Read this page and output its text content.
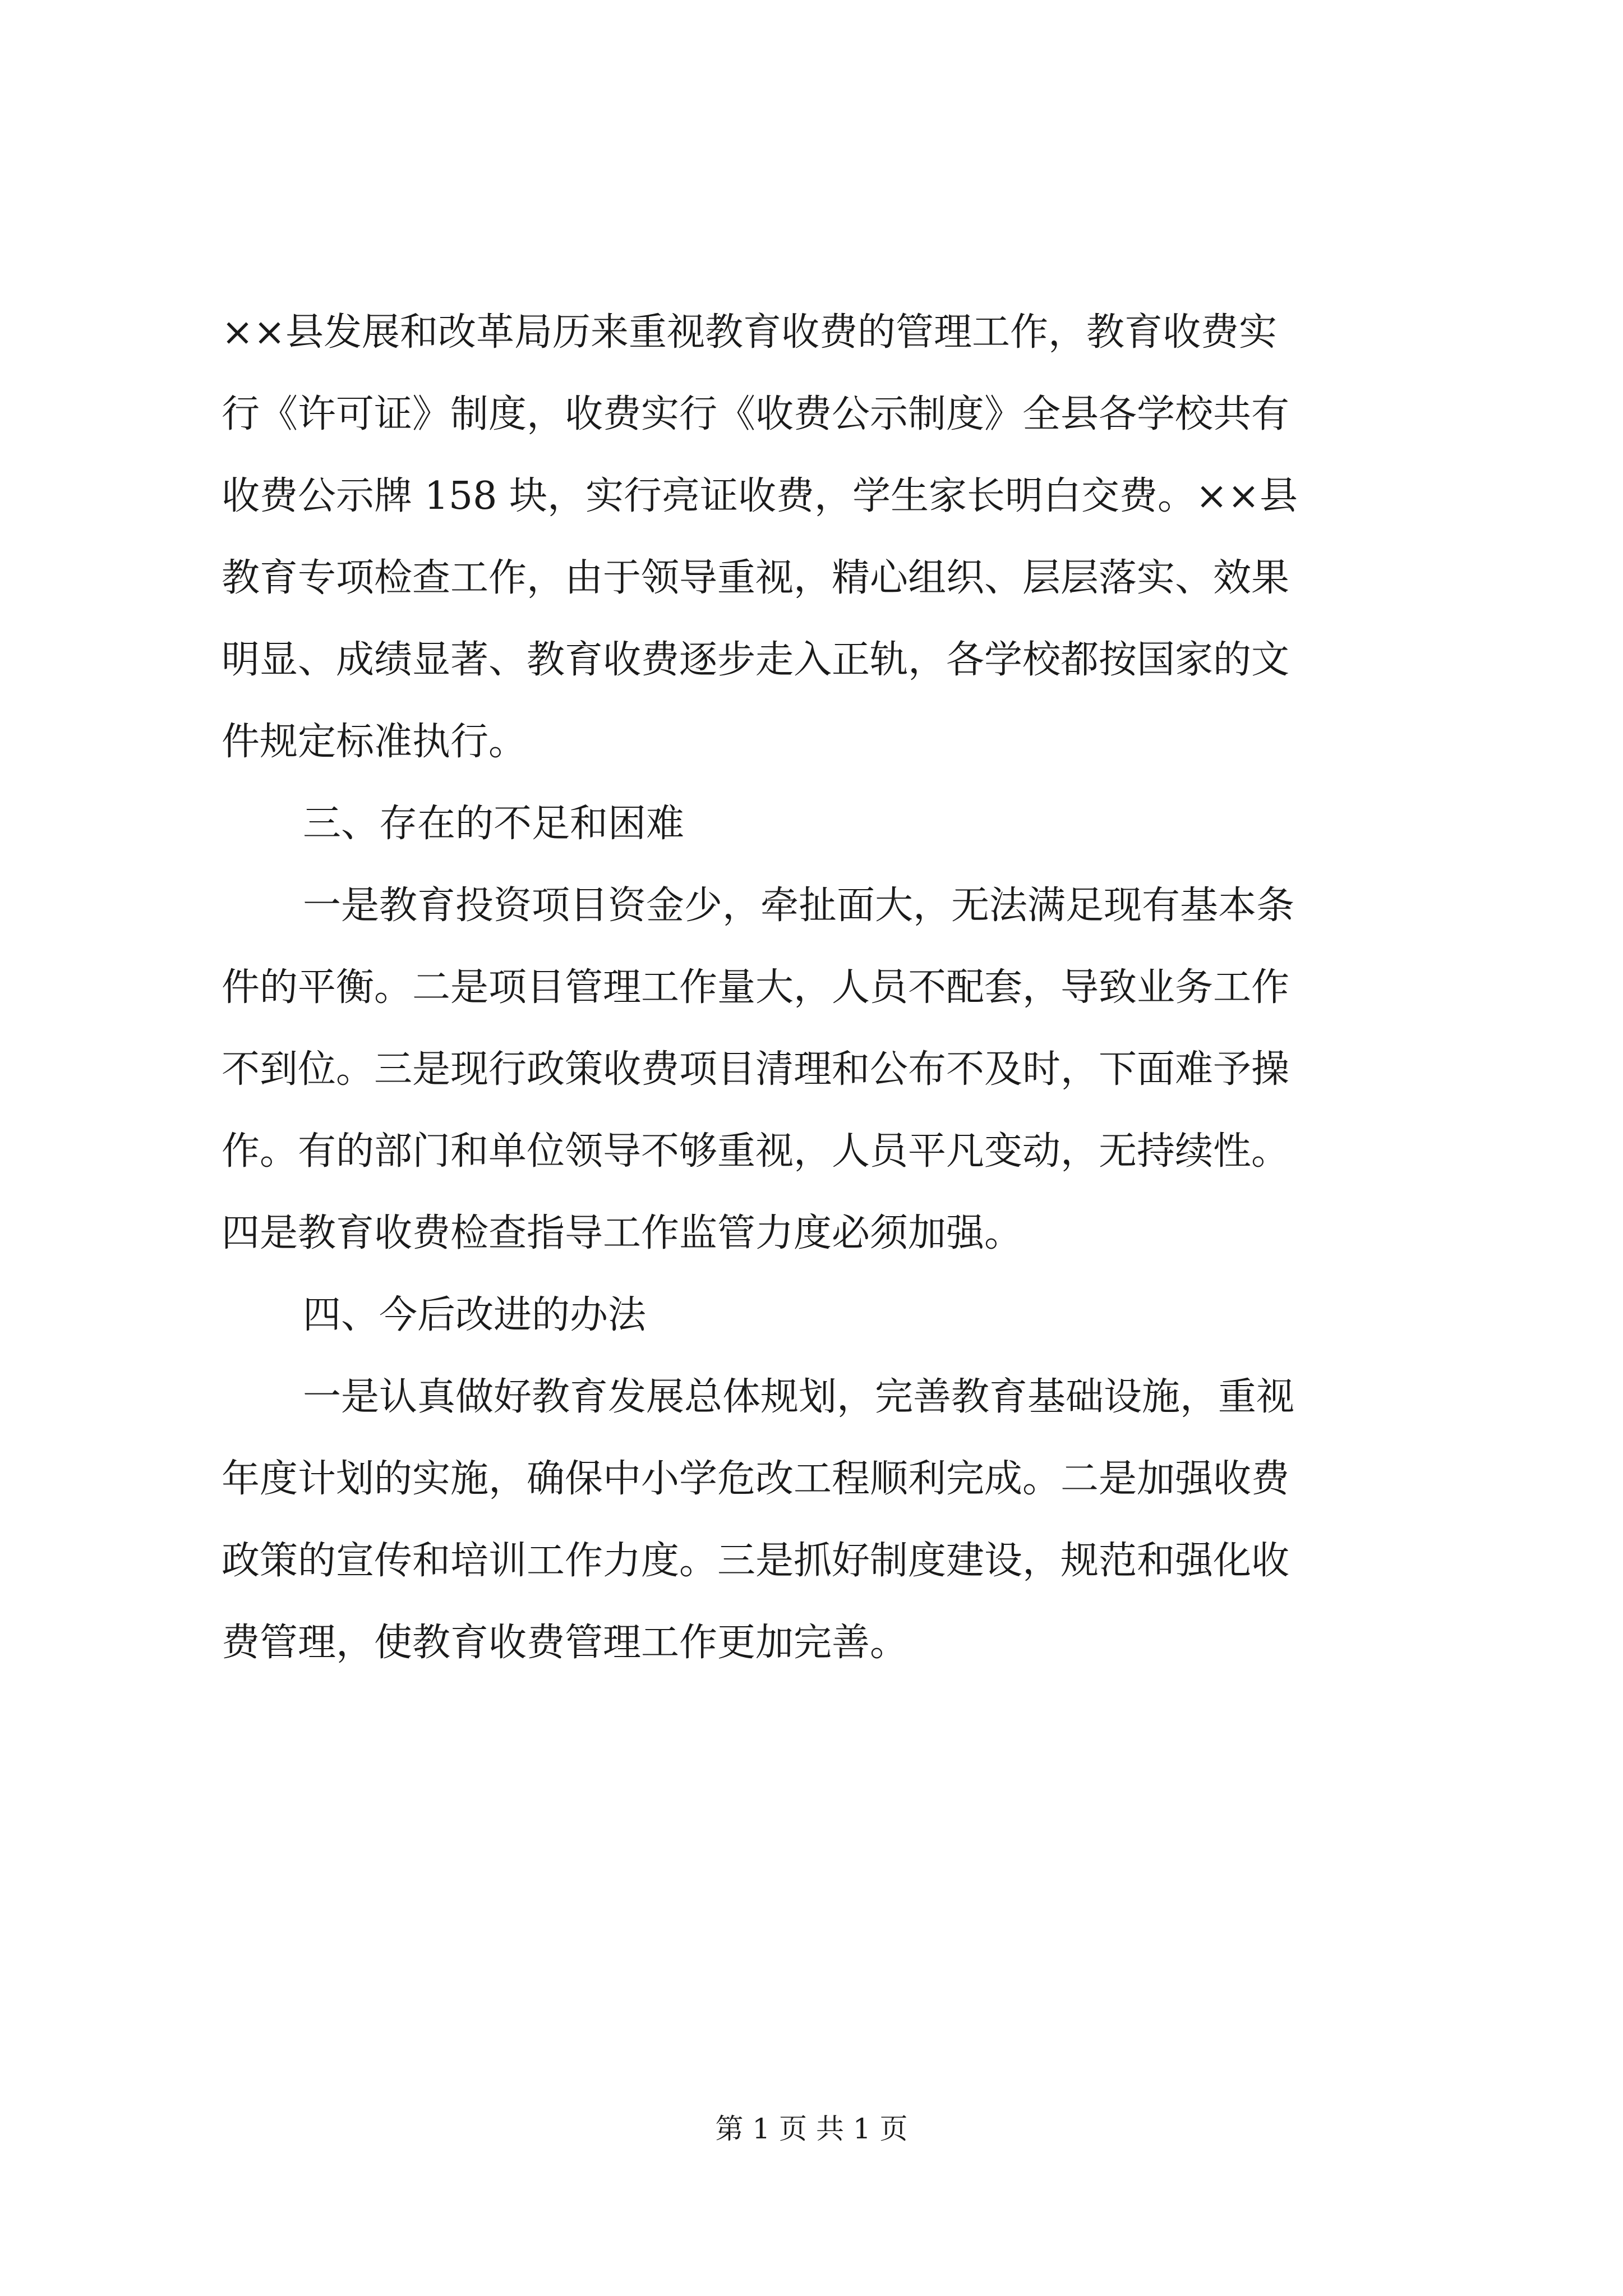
××县发展和改革局历来重视教育收费的管理工作，教育收费实
行《许可证》制度，收费实行《收费公示制度》全县各学校共有
收费公示牌 158 块，实行亮证收费，学生家长明白交费。××县
教育专项检查工作，由于领导重视，精心组织、层层落实、效果
明显、成绩显著、教育收费逐步走入正轨，各学校都按国家的文
件规定标准执行。
三、存在的不足和困难
一是教育投资项目资金少，牵扯面大，无法满足现有基本条
件的平衡。二是项目管理工作量大，人员不配套，导致业务工作
不到位。三是现行政策收费项目清理和公布不及时，下面难予操
作。有的部门和单位领导不够重视，人员平凡变动，无持续性。
四是教育收费检查指导工作监管力度必须加强。
四、今后改进的办法
一是认真做好教育发展总体规划，完善教育基础设施，重视
年度计划的实施，确保中小学危改工程顺利完成。二是加强收费
政策的宣传和培训工作力度。三是抓好制度建设，规范和强化收
费管理，使教育收费管理工作更加完善。
第 1 页 共 1 页
